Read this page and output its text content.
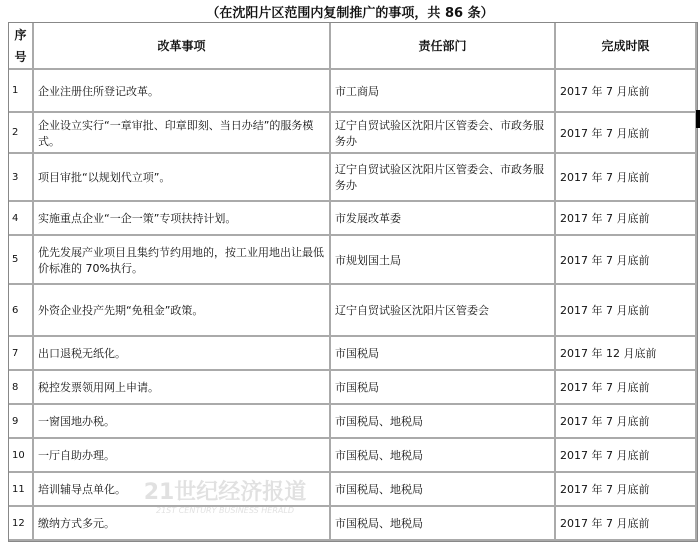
（在沈阳片区范围内复制推广的事项，共 86 条）
序号	改革事项	责任部门	完成时限
1	企业注册住所登记改革。	市工商局	2017 年 7 月底前
2	企业设立实行“一章审批、印章即刻、当日办结”的服务模式。	辽宁自贸试验区沈阳片区管委会、市政务服务办	2017 年 7 月底前
3	项目审批“以规划代立项”。	辽宁自贸试验区沈阳片区管委会、市政务服务办	2017 年 7 月底前
4	实施重点企业“一企一策”专项扶持计划。	市发展改革委	2017 年 7 月底前
5	优先发展产业项目且集约节约用地的，按工业用地出让最低价标准的 70%执行。	市规划国土局	2017 年 7 月底前
6	外资企业投产先期“免租金”政策。	辽宁自贸试验区沈阳片区管委会	2017 年 7 月底前
7	出口退税无纸化。	市国税局	2017 年 12 月底前
8	税控发票领用网上申请。	市国税局	2017 年 7 月底前
9	一窗国地办税。	市国税局、地税局	2017 年 7 月底前
10	一厅自助办理。	市国税局、地税局	2017 年 7 月底前
11	培训辅导点单化。	市国税局、地税局	2017 年 7 月底前
12	缴纳方式多元。	市国税局、地税局	2017 年 7 月底前
21世纪经济报道
21ST CENTURY BUSINESS HERALD
